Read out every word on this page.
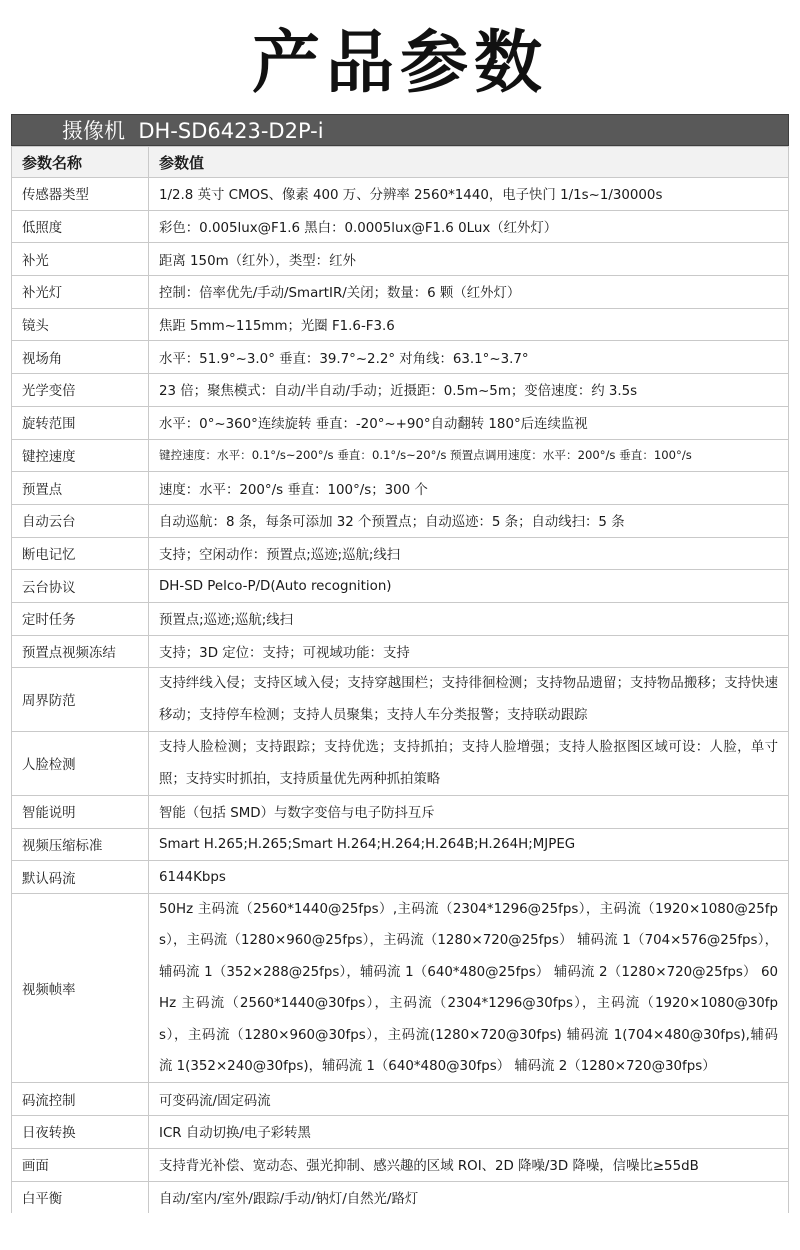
产品参数
摄像机  DH-SD6423-D2P-i
参数名称	参数值
传感器类型	1/2.8 英寸 CMOS、像素 400 万、分辨率 2560*1440，电子快门 1/1s~1/30000s
低照度	彩色：0.005lux@F1.6 黑白：0.0005lux@F1.6 0Lux（红外灯）
补光	距离 150m（红外），类型：红外
补光灯	控制：倍率优先/手动/SmartIR/关闭；数量：6 颗（红外灯）
镜头	焦距 5mm~115mm；光圈 F1.6-F3.6
视场角	水平：51.9°~3.0° 垂直：39.7°~2.2° 对角线：63.1°~3.7°
光学变倍	23 倍；聚焦模式：自动/半自动/手动；近摄距：0.5m~5m；变倍速度：约 3.5s
旋转范围	水平：0°~360°连续旋转 垂直：-20°~+90°自动翻转 180°后连续监视
键控速度	键控速度：水平：0.1°/s~200°/s 垂直：0.1°/s~20°/s 预置点调用速度：水平：200°/s 垂直：100°/s
预置点	速度：水平：200°/s 垂直：100°/s；300 个
自动云台	自动巡航：8 条，每条可添加 32 个预置点；自动巡迹：5 条；自动线扫：5 条
断电记忆	支持；空闲动作：预置点;巡迹;巡航;线扫
云台协议	DH-SD Pelco-P/D(Auto recognition)
定时任务	预置点;巡迹;巡航;线扫
预置点视频冻结	支持；3D 定位：支持；可视域功能：支持
周界防范	支持绊线入侵；支持区域入侵；支持穿越围栏；支持徘徊检测；支持物品遗留；支持物品搬移；支持快速移动；支持停车检测；支持人员聚集；支持人车分类报警；支持联动跟踪
人脸检测	支持人脸检测；支持跟踪；支持优选；支持抓拍；支持人脸增强；支持人脸抠图区域可设：人脸，单寸照；支持实时抓拍，支持质量优先两种抓拍策略
智能说明	智能（包括 SMD）与数字变倍与电子防抖互斥
视频压缩标准	Smart H.265;H.265;Smart H.264;H.264;H.264B;H.264H;MJPEG
默认码流	6144Kbps
视频帧率	50Hz 主码流（2560*1440@25fps）,主码流（2304*1296@25fps），主码流（1920×1080@25fps），主码流（1280×960@25fps），主码流（1280×720@25fps） 辅码流 1（704×576@25fps），辅码流 1（352×288@25fps），辅码流 1（640*480@25fps） 辅码流 2（1280×720@25fps） 60Hz 主码流（2560*1440@30fps），主码流（2304*1296@30fps），主码流（1920×1080@30fps），主码流（1280×960@30fps），主码流(1280×720@30fps) 辅码流 1(704×480@30fps),辅码流 1(352×240@30fps)，辅码流 1（640*480@30fps） 辅码流 2（1280×720@30fps）
码流控制	可变码流/固定码流
日夜转换	ICR 自动切换/电子彩转黑
画面	支持背光补偿、宽动态、强光抑制、感兴趣的区域 ROI、2D 降噪/3D 降噪，信噪比≥55dB
白平衡	自动/室内/室外/跟踪/手动/钠灯/自然光/路灯
